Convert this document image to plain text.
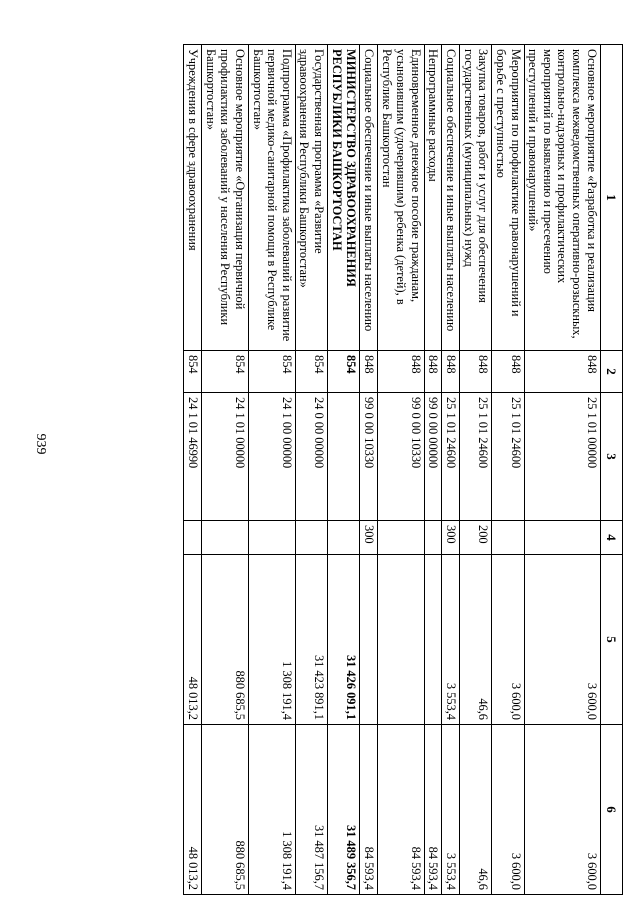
939
1	2	3	4	5	6
Основное мероприятие «Разработка и реализация комплекса межведомственных оперативно-розыскных, контрольно-надзорных и профилактических мероприятий по выявлению и пресечению преступлений и правонарушений»	848	25 1 01 00000		3 600,0	3 600,0
Мероприятия по профилактике правонарушений и борьбе с преступностью	848	25 1 01 24600		3 600,0	3 600,0
Закупка товаров, работ и услуг для обеспечения государственных (муниципальных) нужд	848	25 1 01 24600	200	46,6	46,6
Социальное обеспечение и иные выплаты населению	848	25 1 01 24600	300	3 553,4	3 553,4
Непрограммные расходы	848	99 0 00 00000			84 593,4
Единовременное денежное пособие гражданам, усыновившим (удочерившим) ребенка (детей), в Республике Башкортостан	848	99 0 00 10330			84 593,4
Социальное обеспечение и иные выплаты населению	848	99 0 00 10330	300		84 593,4
МИНИСТЕРСТВО ЗДРАВООХРАНЕНИЯ РЕСПУБЛИКИ БАШКОРТОСТАН	854			31 426 091,1	31 489 356,7
Государственная программа «Развитие здравоохранения Республики Башкортостан»	854	24 0 00 00000		31 423 891,1	31 487 156,7
Подпрограмма «Профилактика заболеваний и развитие первичной медико-санитарной помощи в Республике Башкортостан»	854	24 1 00 00000		1 308 191,4	1 308 191,4
Основное мероприятие «Организация первичной профилактики заболеваний у населения Республики Башкортостан»	854	24 1 01 00000		880 685,5	880 685,5
Учреждения в сфере здравоохранения	854	24 1 01 46990		48 013,2	48 013,2
